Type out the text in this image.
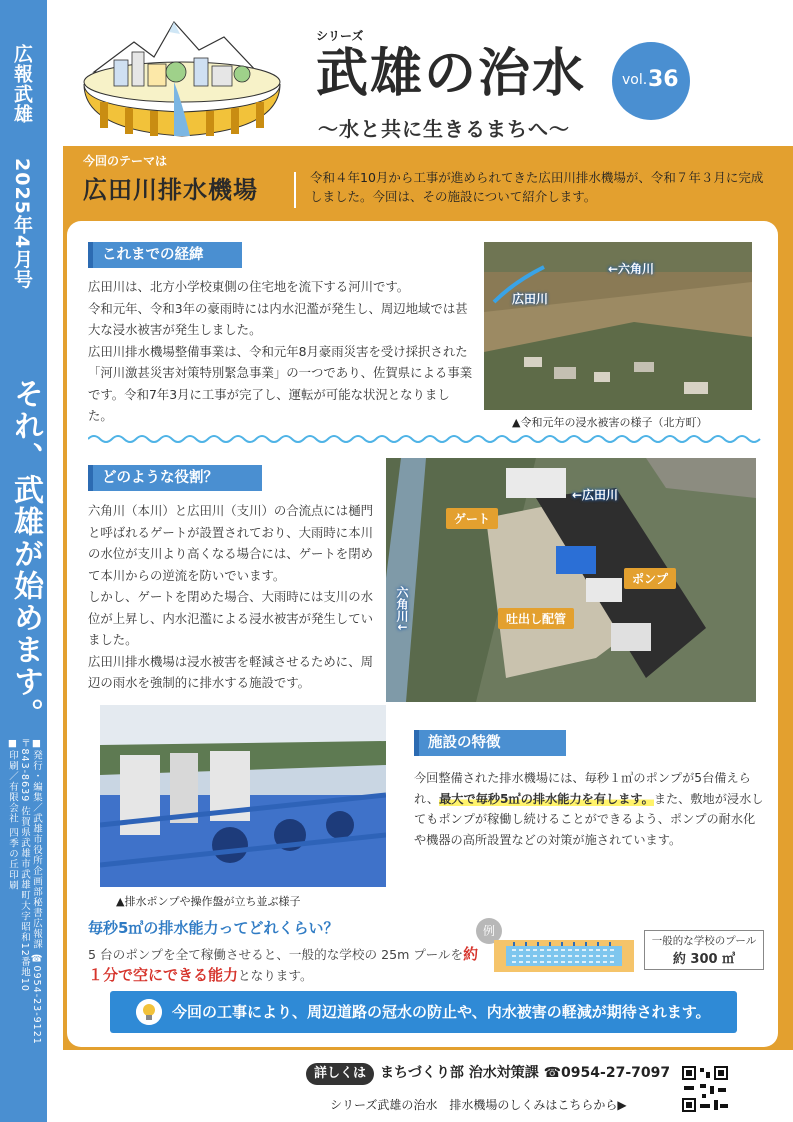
広報武雄
2025年4月号
それ、武雄が始めます。
■発行・編集／武雄市役所企画部秘書広報課 ☎0954-23-9121
〒843-8639 佐賀県武雄市武雄町大字昭和12番地10
■印刷／有限会社 四季の丘印刷
シリーズ
武雄の治水	vol. 36
～水と共に生きるまちへ～
今回のテーマは
広田川排水機場	令和４年10月から工事が進められてきた広田川排水機場が、令和７年３月に完成しました。今回は、その施設について紹介します。
これまでの経緯

広田川は、北方小学校東側の住宅地を流下する河川です。

令和元年、令和3年の豪雨時には内水氾濫が発生し、周辺地域では甚大な浸水被害が発生しました。

広田川排水機場整備事業は、令和元年8月豪雨災害を受け採択された「河川激甚災害対策特別緊急事業」の一つであり、佐賀県による事業です。令和7年3月に工事が完了し、運転が可能な状況となりました。

←六角川
広田川
▲令和元年の浸水被害の様子（北方町）
どのような役割？

六角川（本川）と広田川（支川）の合流点には樋門と呼ばれるゲートが設置されており、大雨時に本川の水位が支川より高くなる場合には、ゲートを閉めて本川からの逆流を防いでいます。

しかし、ゲートを閉めた場合、大雨時には支川の水位が上昇し、内水氾濫による浸水被害が発生していました。

広田川排水機場は浸水被害を軽減させるために、周辺の雨水を強制的に排水する施設です。

ゲート
←広田川
ポンプ
吐出し配管
六角川↓
▲排水ポンプや操作盤が立ち並ぶ様子
施設の特徴
今回整備された排水機場には、毎秒１㎥のポンプが5台備えられ、最大で毎秒5㎥の排水能力を有します。また、敷地が浸水してもポンプが稼働し続けることができるよう、ポンプの耐水化や機器の高所設置などの対策が施されています。
毎秒5㎥の排水能力ってどれくらい？
5 台のポンプを全て稼働させると、一般的な学校の 25m プールを約１分で空にできる能力となります。
例
一般的な学校のプール
約 300 ㎥
今回の工事により、周辺道路の冠水の防止や、内水被害の軽減が期待されます。
詳しくは まちづくり部 治水対策課 ☎0954-27-7097
シリーズ武雄の治水　排水機場のしくみはこちらから▶
